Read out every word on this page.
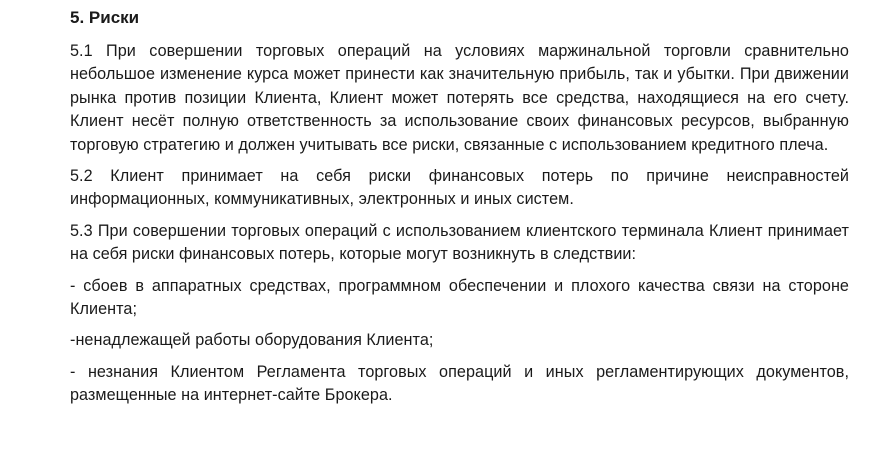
5. Риски

5.1 При совершении торговых операций на условиях маржинальной торговли сравнительно небольшое изменение курса может принести как значительную прибыль, так и убытки. При движении рынка против позиции Клиента, Клиент может потерять все средства, находящиеся на его счету. Клиент несёт полную ответственность за использование своих финансовых ресурсов, выбранную торговую стратегию и должен учитывать все риски, связанные с использованием кредитного плеча.

5.2 Клиент принимает на себя риски финансовых потерь по причине неисправностей информационных, коммуникативных, электронных и иных систем.

5.3 При совершении торговых операций с использованием клиентского терминала Клиент принимает на себя риски финансовых потерь, которые могут возникнуть в следствии:

- сбоев в аппаратных средствах, программном обеспечении и плохого качества связи на стороне Клиента;

-ненадлежащей работы оборудования Клиента;

- незнания Клиентом Регламента торговых операций и иных регламентирующих документов, размещенные на интернет-сайте Брокера.
